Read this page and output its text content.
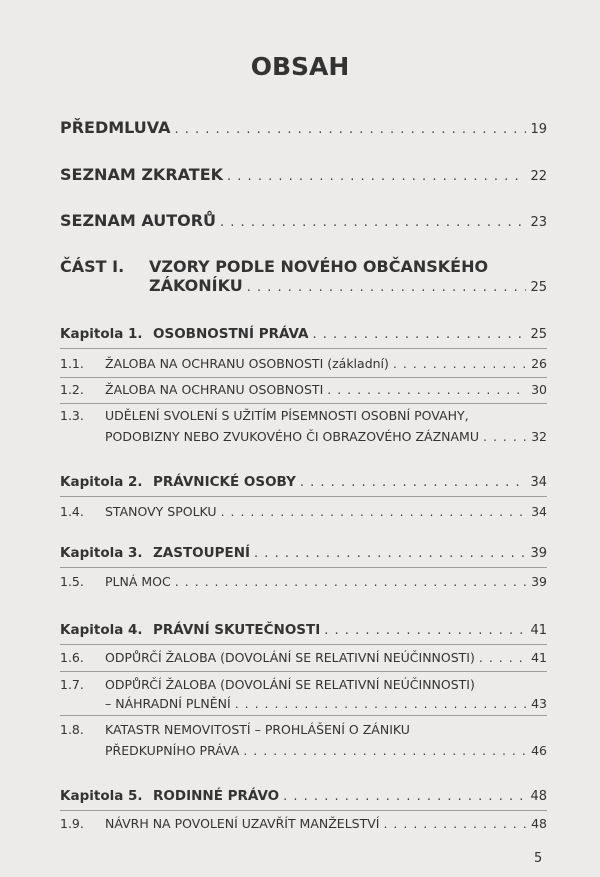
OBSAH
PŘEDMLUVA . . .	19
SEZNAM ZKRATEK . . .	22
SEZNAM AUTORŮ . . .	23
ČÁST I. VZORY PODLE NOVÉHO OBČANSKÉHO
ZÁKONÍKU . . .	25
Kapitola 1. OSOBNOSTNÍ PRÁVA . . .	25
1.1. ŽALOBA NA OCHRANU OSOBNOSTI (základní) . . .	26
1.2. ŽALOBA NA OCHRANU OSOBNOSTI . . .	30
1.3. UDĚLENÍ SVOLENÍ S UŽITÍM PÍSEMNOSTI OSOBNÍ POVAHY,
PODOBIZNY NEBO ZVUKOVÉHO ČI OBRAZOVÉHO ZÁZNAMU . . .	32
Kapitola 2. PRÁVNICKÉ OSOBY . . .	34
1.4. STANOVY SPOLKU . . .	34
Kapitola 3. ZASTOUPENÍ . . .	39
1.5. PLNÁ MOC . . .	39
Kapitola 4. PRÁVNÍ SKUTEČNOSTI . . .	41
1.6. ODPŮRČÍ ŽALOBA (DOVOLÁNÍ SE RELATIVNÍ NEÚČINNOSTI) . . .	41
1.7. ODPŮRČÍ ŽALOBA (DOVOLÁNÍ SE RELATIVNÍ NEÚČINNOSTI)
– NÁHRADNÍ PLNĚNÍ . . .	43
1.8. KATASTR NEMOVITOSTÍ – PROHLÁŠENÍ O ZÁNIKU
PŘEDKUPNÍHO PRÁVA . . .	46
Kapitola 5. RODINNÉ PRÁVO . . .	48
1.9. NÁVRH NA POVOLENÍ UZAVŘÍT MANŽELSTVÍ . . .	48
5
